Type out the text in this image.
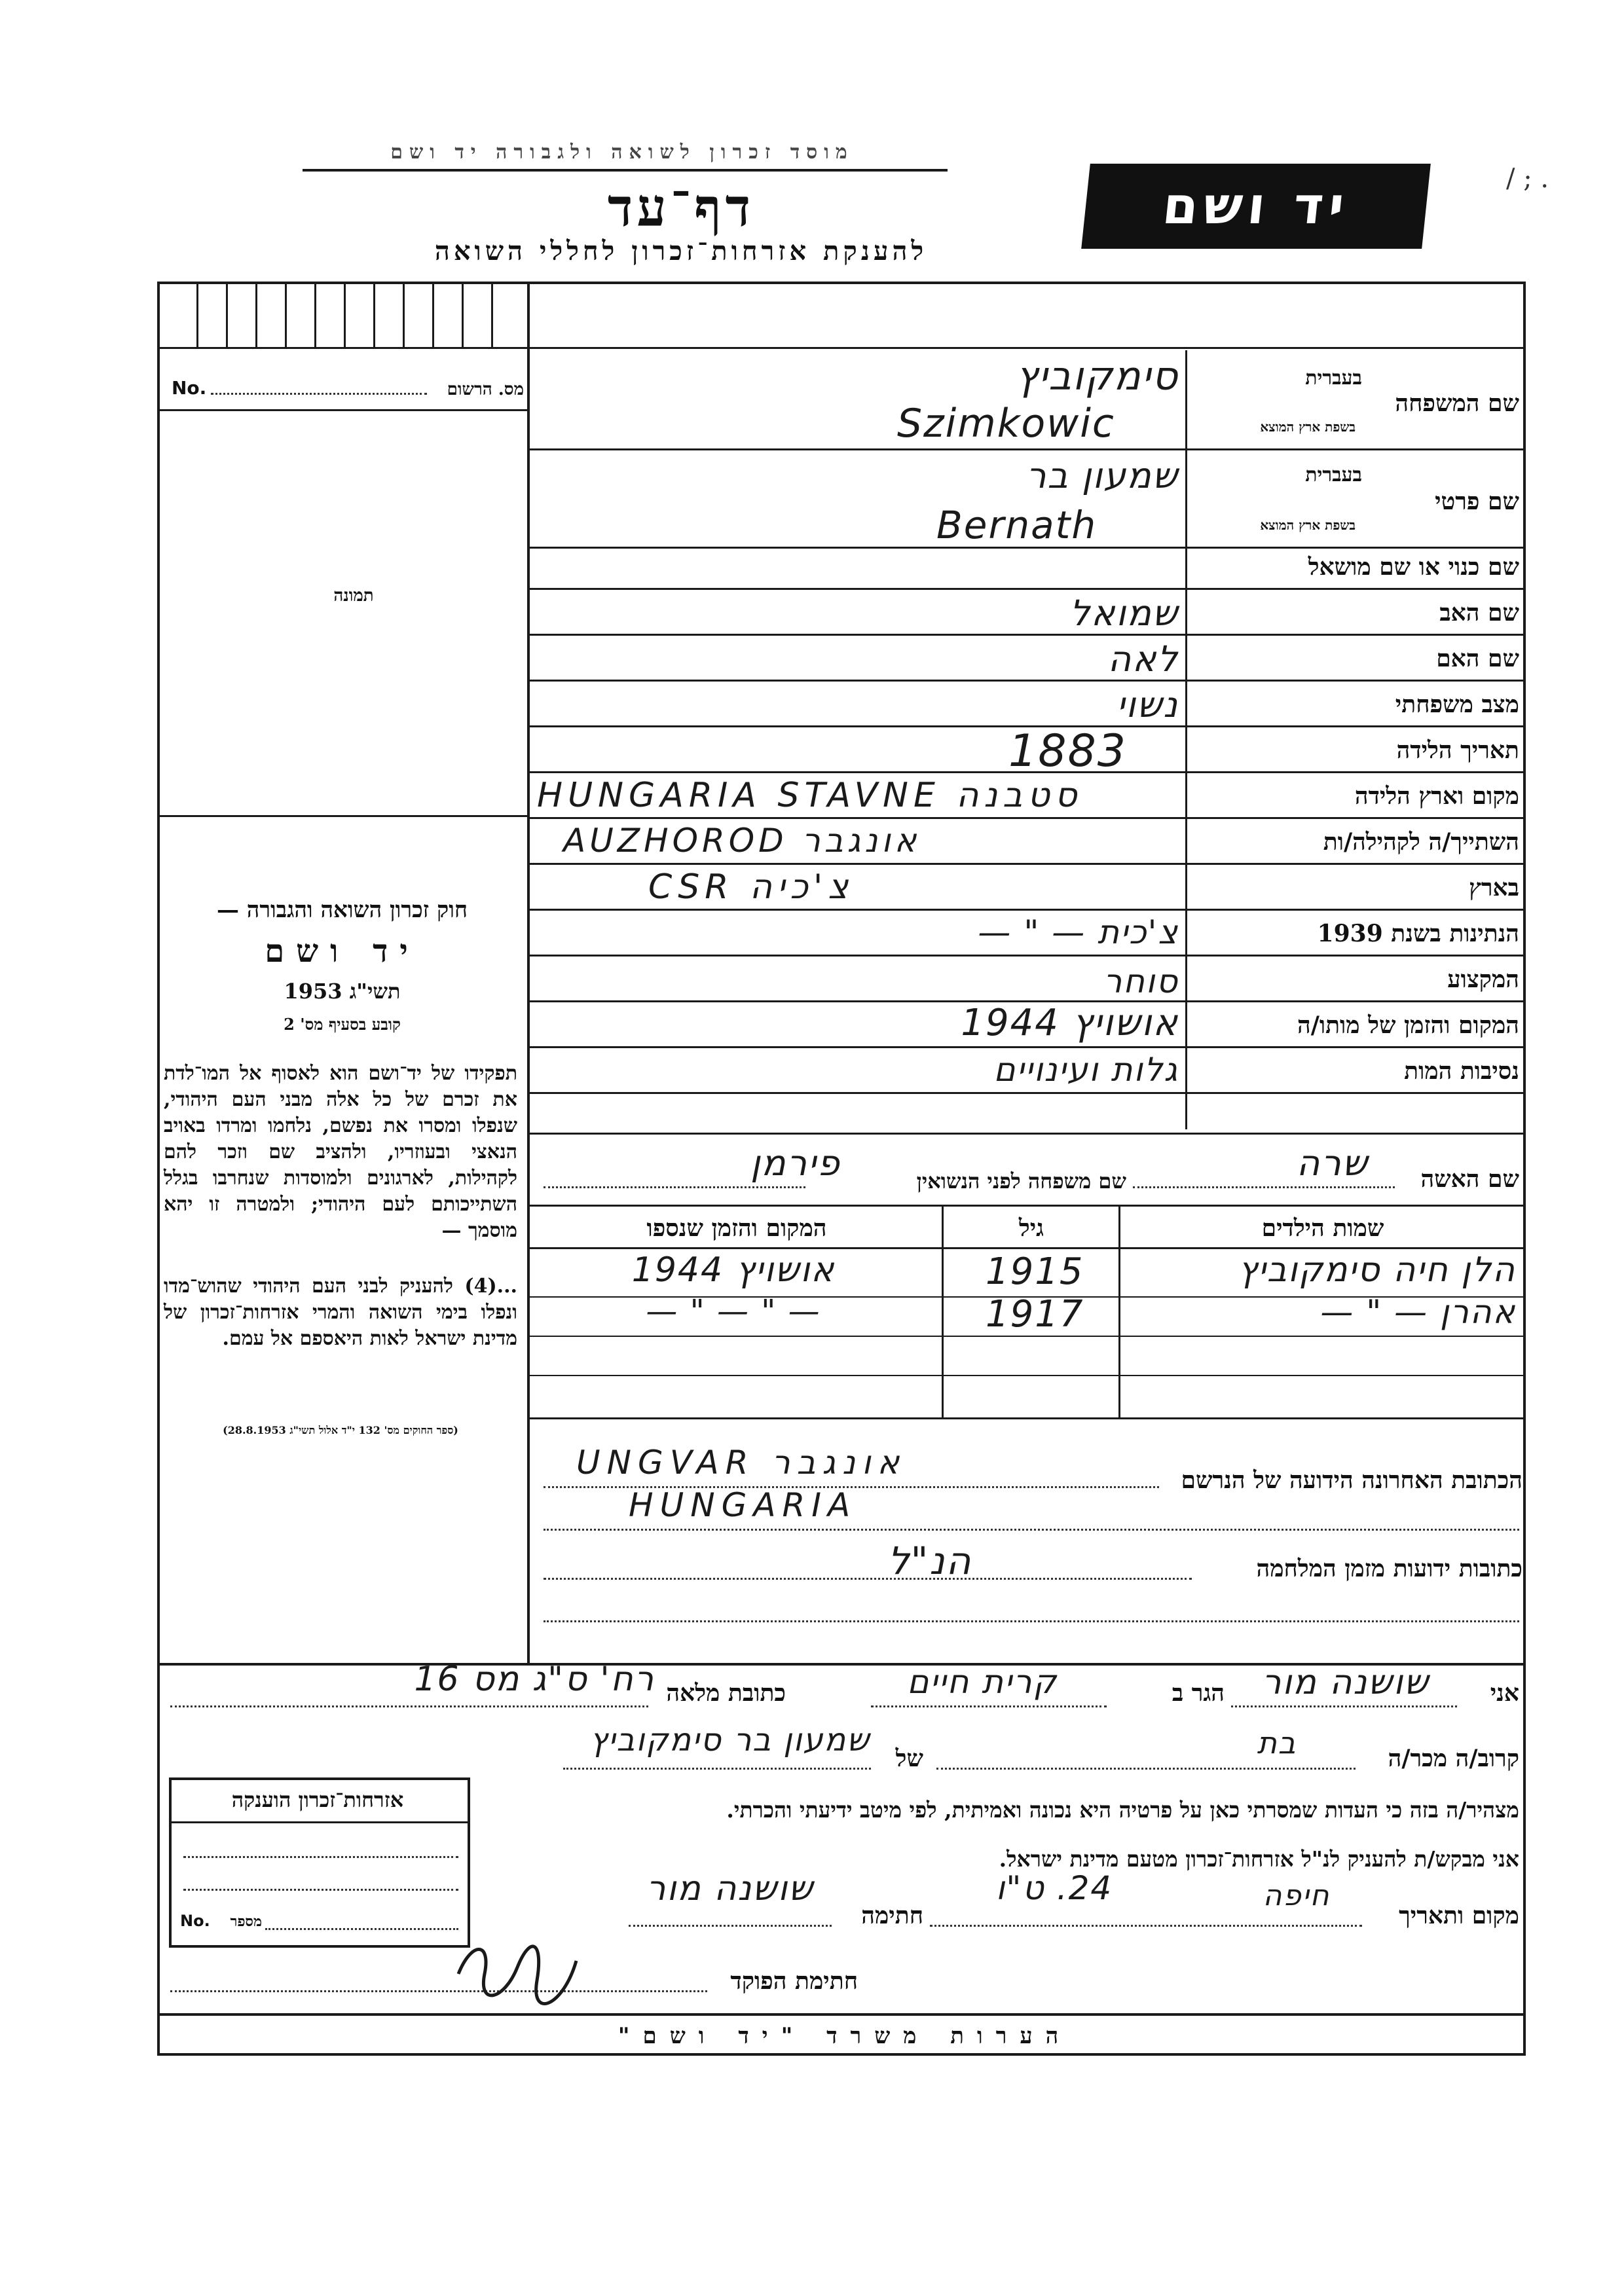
מוסד זכרון לשואה ולגבורה יד ושם
דף־עד
להענקת אזרחות־זכרון לחללי השואה
יד ושם	/ ; .
מס. הרשום
No.
תמונה
חוק זכרון השואה והגבורה —
יד ושם
תשי"ג 1953
קובע בסעיף מס' 2
תפקידו של יד־ושם הוא לאסוף אל המו־לדת את זכרם של כל אלה מבני העם היהודי, שנפלו ומסרו את נפשם, נלחמו ומרדו באויב הנאצי ובעוזריו, ולהציב שם וזכר להם לקהילות, לארגונים ולמוסדות שנחרבו בגלל השתייכותם לעם היהודי; ולמטרה זו יהא מוסמך —
...(4) להעניק לבני העם היהודי שהוש־מדו ונפלו בימי השואה והמרי אזרחות־זכרון של מדינת ישראל לאות היאספם אל עמם.
(ספר החוקים מס' 132 י"ד אלול תשי"ג 28.8.1953)
שם המשפחה
בעברית
בשפת ארץ המוצא
סימקוביץ
Szimkowic
שם פרטי
בעברית
בשפת ארץ המוצא
שמעון בר
Bernath
שם כנוי או שם מושאל
שם האב
שמואל
שם האם
לאה
מצב משפחתי
נשוי
תאריך הלידה
1883
מקום וארץ הלידה
HUNGARIA STAVNE סטבנה
השתייך/ה לקהילה/ות
AUZHOROD אונגבר
בארץ
CSR צ'כיה
הנתינות בשנת 1939
צ'כית — " —
המקצוע
סוחר
המקום והזמן של מותו/ה
אושויץ 1944
נסיבות המות
גלות ועינויים
שם האשה
שרה
שם משפחה לפני הנשואין
פירמן
שמות הילדים
גיל
המקום והזמן שנספו
הלן חיה סימקוביץ
1915
אושויץ 1944
אהרן — " —
1917
— " — " —
הכתובת האחרונה הידועה של הנרשם
UNGVAR אונגבר
HUNGARIA
כתובות ידועות מזמן המלחמה
הנ"ל
אני
שושנה מור
הגר ב
קרית חיים
כתובת מלאה
רח' ס"ג מס 16
קרוב/ה מכר/ה
בת
של
שמעון בר סימקוביץ
מצהיר/ה בזה כי העדות שמסרתי כאן על פרטיה היא נכונה ואמיתית, לפי מיטב ידיעתי והכרתי.
אני מבקש/ת להעניק לנ"ל אזרחות־זכרון מטעם מדינת ישראל.
מקום ותאריך
חיפה
24. ט"ו
חתימה
שושנה מור
אזרחות־זכרון הוענקה
No.	מספר
חתימת הפוקד
הערות משרד "יד ושם"
